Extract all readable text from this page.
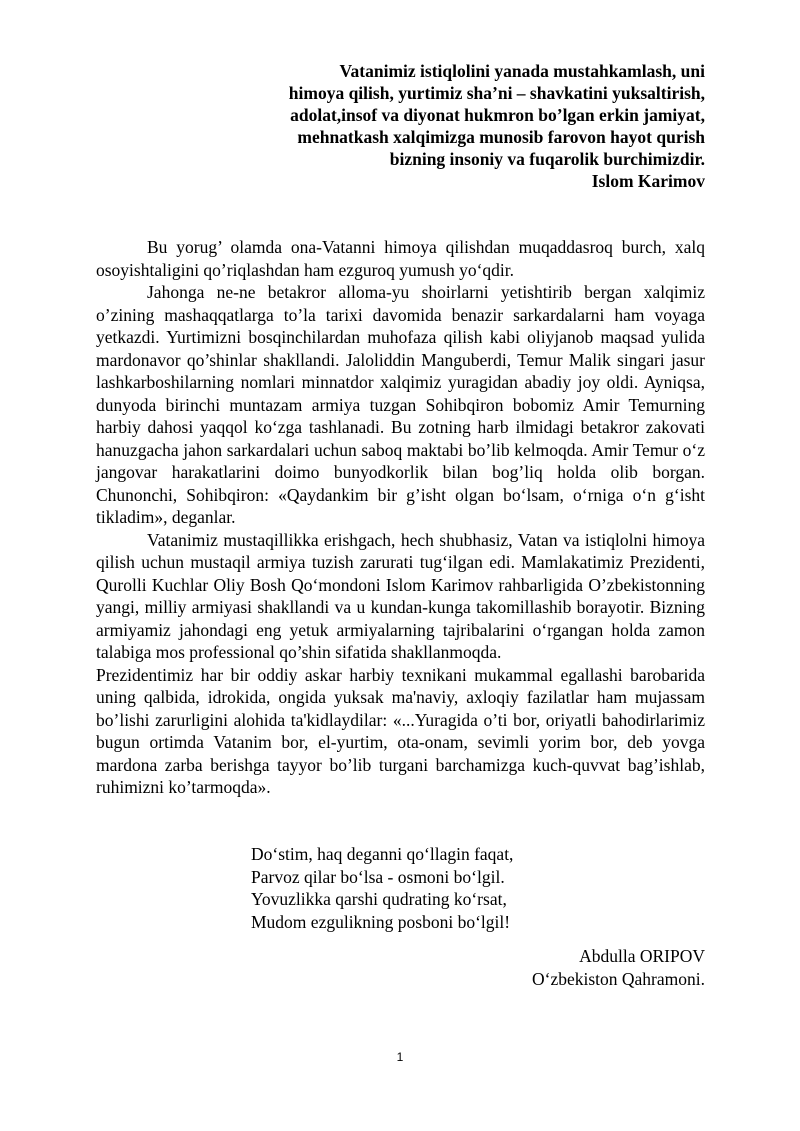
Vatanimiz istiqlolini yanada mustahkamlash, uni
himoya qilish, yurtimiz sha’ni – shavkatini yuksaltirish,
adolat,insof va diyonat hukmron bo’lgan erkin jamiyat,
mehnatkash xalqimizga munosib farovon hayot qurish
bizning insoniy va fuqarolik burchimizdir.
Islom Karimov

Bu yorug’ olamda ona-Vatanni himoya qilishdan muqaddasroq burch, xalq osoyishtaligini qo’riqlashdan ham ezguroq yumush yo‘qdir.

Jahonga ne-ne betakror alloma-yu shoirlarni yetishtirib bergan xalqimiz o’zining mashaqqatlarga to’la tarixi davomida benazir sarkardalarni ham voyaga yetkazdi. Yurtimizni bosqinchilardan muhofaza qilish kabi oliyjanob maqsad yulida mardonavor qo’shinlar shakllandi. Jaloliddin Manguberdi, Temur Malik singari jasur lashkarboshilarning nomlari minnatdor xalqimiz yuragidan abadiy joy oldi. Ayniqsa, dunyoda birinchi muntazam armiya tuzgan Sohibqiron bobomiz Amir Temurning harbiy dahosi yaqqol ko‘zga tashlanadi. Bu zotning harb ilmidagi betakror zakovati hanuzgacha jahon sarkardalari uchun saboq maktabi bo’lib kelmoqda. Amir Temur o‘z jangovar harakatlarini doimo bunyodkorlik bilan bog’liq holda olib borgan. Chunonchi, Sohibqiron: «Qaydankim bir g’isht olgan bo‘lsam, o‘rniga o‘n g‘isht tikladim», deganlar.

Vatanimiz mustaqillikka erishgach, hech shubhasiz, Vatan va istiqlolni himoya qilish uchun mustaqil armiya tuzish zarurati tug‘ilgan edi. Mamlakatimiz Prezidenti, Qurolli Kuchlar Oliy Bosh Qo‘mondoni Islom Karimov rahbarligida O’zbekistonning yangi, milliy armiyasi shakllandi va u kundan-kunga takomillashib borayotir. Bizning armiyamiz jahondagi eng yetuk armiyalarning tajribalarini o‘rgangan holda zamon talabiga mos professional qo’shin sifatida shakllanmoqda.

Prezidentimiz har bir oddiy askar harbiy texnikani mukammal egallashi barobarida uning qalbida, idrokida, ongida yuksak ma'naviy, axloqiy fazilatlar ham mujassam bo’lishi zarurligini alohida ta'kidlaydilar: «...Yuragida o’ti bor, oriyatli bahodirlarimiz bugun ortimda Vatanim bor, el-yurtim, ota-onam, sevimli yorim bor, deb yovga mardona zarba berishga tayyor bo’lib turgani barchamizga kuch-quvvat bag’ishlab, ruhimizni ko’tarmoqda».

Do‘stim, haq deganni qo‘llagin faqat,
Parvoz qilar bo‘lsa - osmoni bo‘lgil.
Yovuzlikka qarshi qudrating ko‘rsat,
Mudom ezgulikning posboni bo‘lgil!
Abdulla ORIPOV
O‘zbekiston Qahramoni.
1
